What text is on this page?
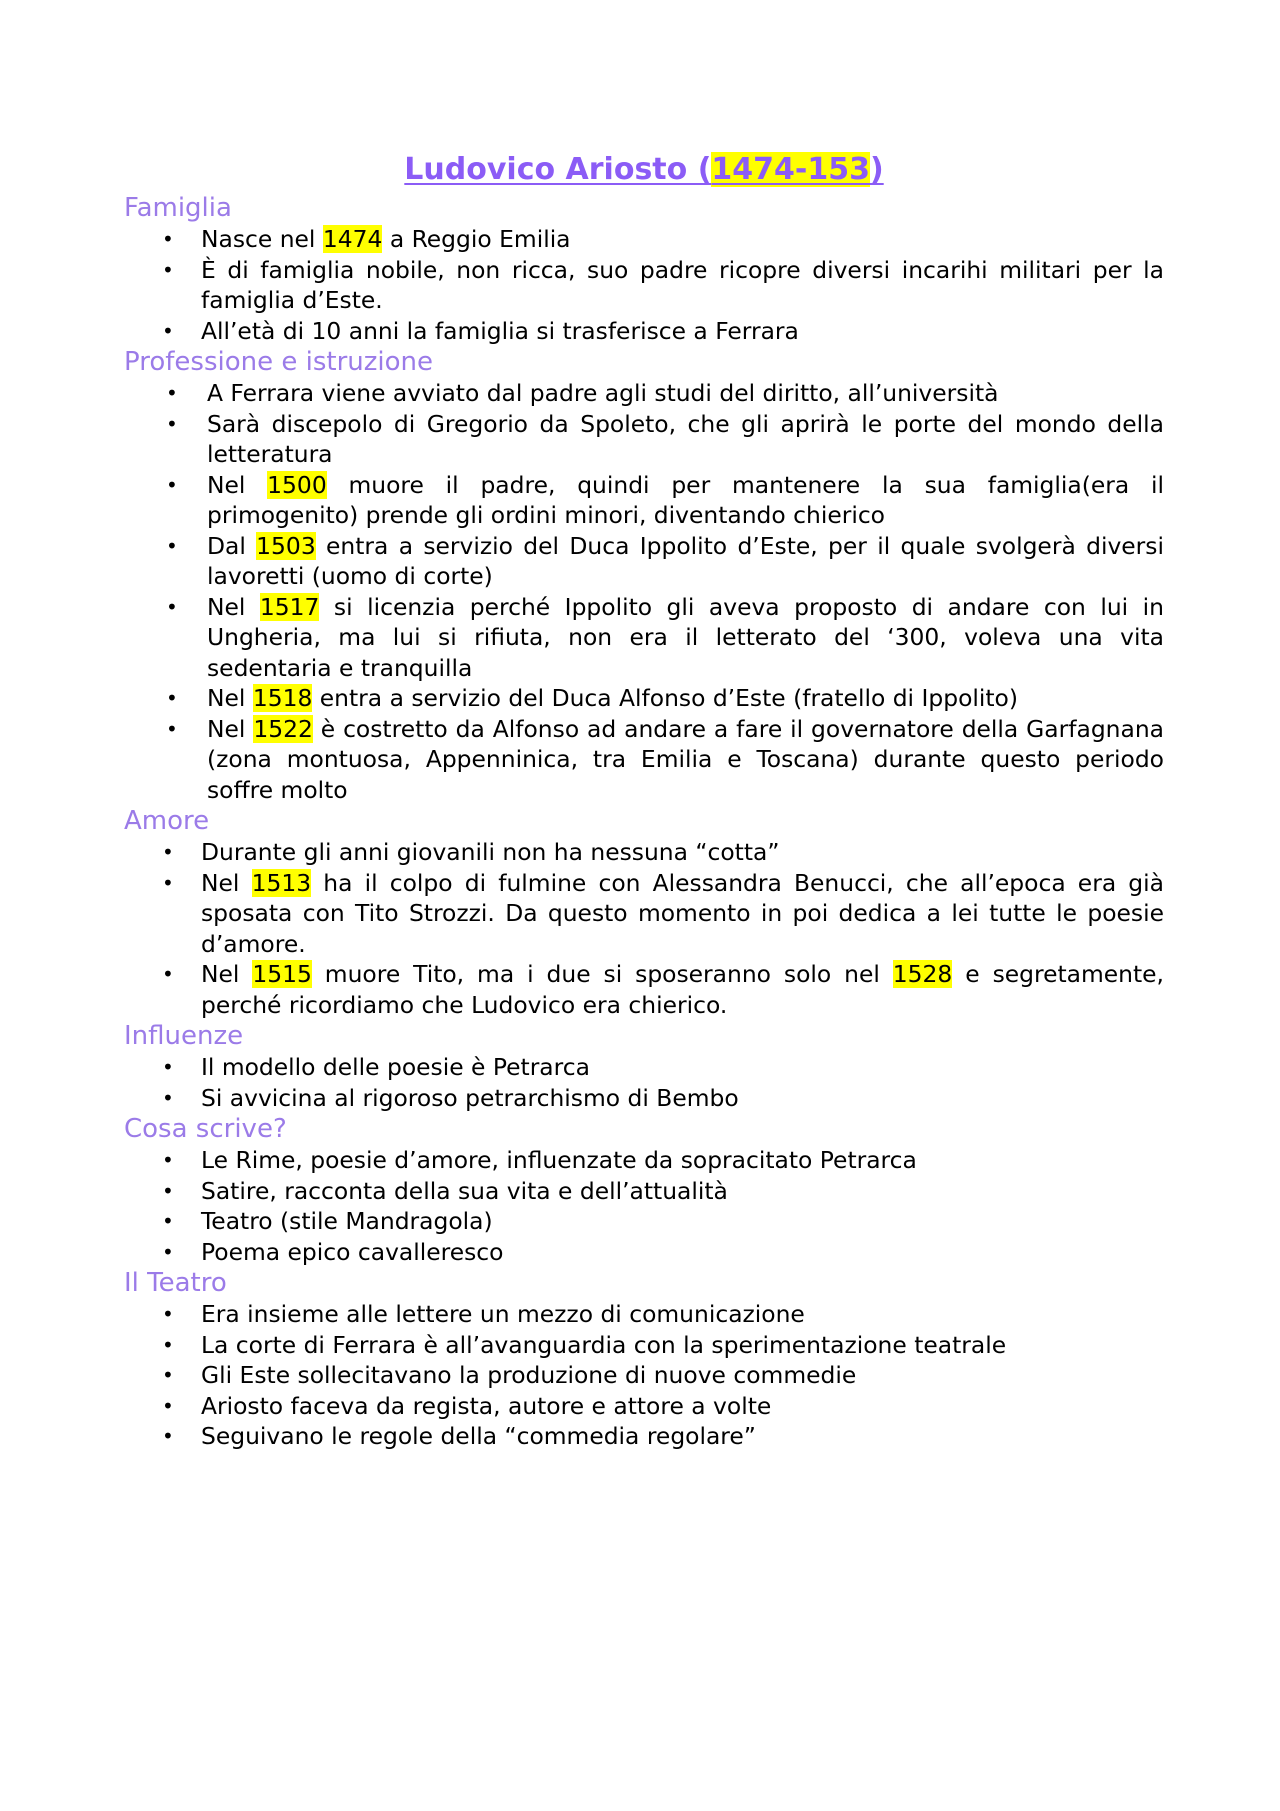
Ludovico Ariosto (1474-153)
Famiglia
• Nasce nel 1474 a Reggio Emilia
• È di famiglia nobile, non ricca, suo padre ricopre diversi incarihi militari per la famiglia d’Este.
• All’età di 10 anni la famiglia si trasferisce a Ferrara
Professione e istruzione
• A Ferrara viene avviato dal padre agli studi del diritto, all’università
• Sarà discepolo di Gregorio da Spoleto, che gli aprirà le porte del mondo della letteratura
• Nel 1500 muore il padre, quindi per mantenere la sua famiglia(era il primogenito) prende gli ordini minori, diventando chierico
• Dal 1503 entra a servizio del Duca Ippolito d’Este, per il quale svolgerà diversi lavoretti (uomo di corte)
• Nel 1517 si licenzia perché Ippolito gli aveva proposto di andare con lui in Ungheria, ma lui si rifiuta, non era il letterato del ‘300, voleva una vita sedentaria e tranquilla
• Nel 1518 entra a servizio del Duca Alfonso d’Este (fratello di Ippolito)
• Nel 1522 è costretto da Alfonso ad andare a fare il governatore della Garfagnana (zona montuosa, Appenninica, tra Emilia e Toscana) durante questo periodo soffre molto
Amore
• Durante gli anni giovanili non ha nessuna “cotta”
• Nel 1513 ha il colpo di fulmine con Alessandra Benucci, che all’epoca era già sposata con Tito Strozzi. Da questo momento in poi dedica a lei tutte le poesie d’amore.
• Nel 1515 muore Tito, ma i due si sposeranno solo nel 1528 e segretamente, perché ricordiamo che Ludovico era chierico.
Influenze
• Il modello delle poesie è Petrarca
• Si avvicina al rigoroso petrarchismo di Bembo
Cosa scrive?
• Le Rime, poesie d’amore, influenzate da sopracitato Petrarca
• Satire, racconta della sua vita e dell’attualità
• Teatro (stile Mandragola)
• Poema epico cavalleresco
Il Teatro
• Era insieme alle lettere un mezzo di comunicazione
• La corte di Ferrara è all’avanguardia con la sperimentazione teatrale
• Gli Este sollecitavano la produzione di nuove commedie
• Ariosto faceva da regista, autore e attore a volte
• Seguivano le regole della “commedia regolare”
